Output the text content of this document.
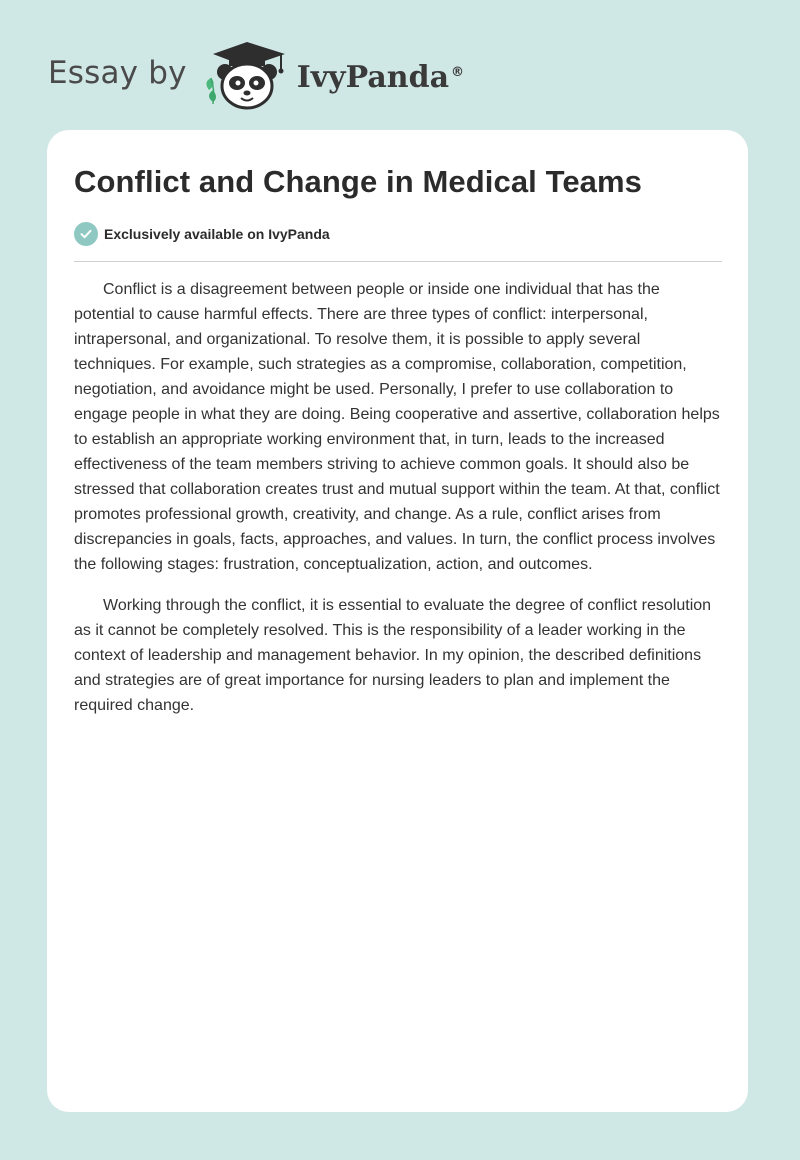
Essay by	IvyPanda ®
Conflict and Change in Medical Teams
Exclusively available on IvyPanda

Conflict is a disagreement between people or inside one individual that has the potential to cause harmful effects. There are three types of conflict: interpersonal, intrapersonal, and organizational. To resolve them, it is possible to apply several techniques. For example, such strategies as a compromise, collaboration, competition, negotiation, and avoidance might be used. Personally, I prefer to use collaboration to engage people in what they are doing. Being cooperative and assertive, collaboration helps to establish an appropriate working environment that, in turn, leads to the increased effectiveness of the team members striving to achieve common goals. It should also be stressed that collaboration creates trust and mutual support within the team. At that, conflict promotes professional growth, creativity, and change. As a rule, conflict arises from discrepancies in goals, facts, approaches, and values. In turn, the conflict process involves the following stages: frustration, conceptualization, action, and outcomes.

Working through the conflict, it is essential to evaluate the degree of conflict resolution as it cannot be completely resolved. This is the responsibility of a leader working in the context of leadership and management behavior. In my opinion, the described definitions and strategies are of great importance for nursing leaders to plan and implement the required change.
